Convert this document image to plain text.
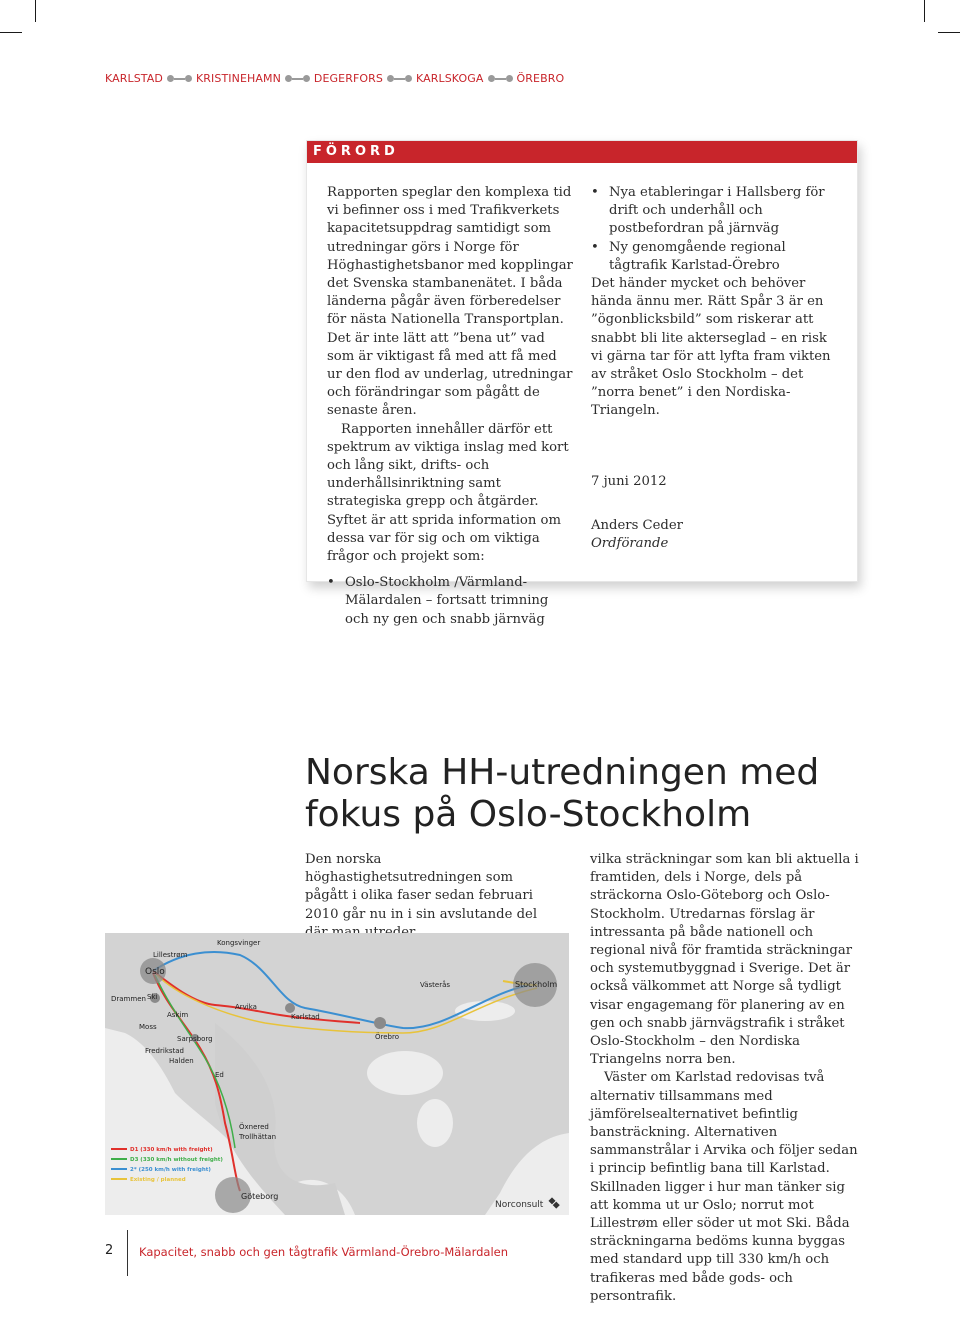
KARLSTAD	KRISTINEHAMN	DEGERFORS	KARLSKOGA	ÖREBRO
FÖRORD

Rapporten speglar den komplexa tid vi befinner oss i med Trafikverkets kapacitetsuppdrag samtidigt som utredningar görs i Norge för Höghastighetsbanor med kopplingar det Svenska stambanenätet. I båda länderna pågår även förberedelser för nästa Nationella Transportplan. Det är inte lätt att ”bena ut” vad som är viktigast få med att få med ur den flod av underlag, utredningar och förändringar som pågått de senaste åren.

Rapporten innehåller därför ett spektrum av viktiga inslag med kort och lång sikt, drifts- och underhållsinriktning samt strategiska grepp och åtgärder. Syftet är att sprida information om dessa var för sig och om viktiga frågor och projekt som:

• Oslo-Stockholm /Värmland- Mälardalen – fortsatt trimning och ny gen och snabb järnväg
• Nya etableringar i Hallsberg för drift och underhåll och postbefordran på järnväg
• Ny genomgående regional tågtrafik Karlstad-Örebro

Det händer mycket och behöver hända ännu mer. Rätt Spår 3 är en ”ögonblicksbild” som riskerar att snabbt bli lite akterseglad – en risk vi gärna tar för att lyfta fram vikten av stråket Oslo Stockholm – det ”norra benet” i den Nordiska-Triangeln.

7 juni 2012

Anders Ceder

Ordförande

Norska HH-utredningen med fokus på Oslo-Stockholm

Den norska höghastighetsutredningen som pågått i olika faser sedan februari 2010 går nu in i sin avslutande del

vilka sträckningar som kan bli aktuella i framtiden, dels i Norge, dels på sträckorna Oslo-Göteborg och Oslo-Stockholm. Utredarnas förslag är intressanta på både nationell och regional nivå för framtida sträckningar och systemutbyggnad i Sverige. Det är också välkommet att Norge så tydligt visar engagemang för planering av en gen och snabb järnvägstrafik i stråket Oslo-Stockholm – den Nordiska Triangelns norra ben.

Väster om Karlstad redovisas två alternativ tillsammans med jämförelsealternativet befintlig bansträckning. Alternativen sammanstrålar i Arvika och följer sedan i princip befintlig bana till Karlstad. Skillnaden ligger i hur man tänker sig att komma ut ur Oslo; norrut mot Lillestrøm eller söder ut mot Ski. Båda sträckningarna bedöms kunna byggas med standard upp till 330 km/h och trafikeras med både gods- och persontrafik.

Oslo
Lillestrøm
Kongsvinger
Drammen Ski
Askim
Moss
Sarpsborg
Fredrikstad
Halden
Ed
Arvika
Karlstad
Örebro
Västerås	Stockholm
Öxnered
Trollhättan
Göteborg
D1 (330 km/h with freight)
D3 (330 km/h without freight)
2* (250 km/h with freight)
Existing / planned
Norconsult
2 Kapacitet, snabb och gen tågtrafik Värmland-Örebro-Mälardalen
